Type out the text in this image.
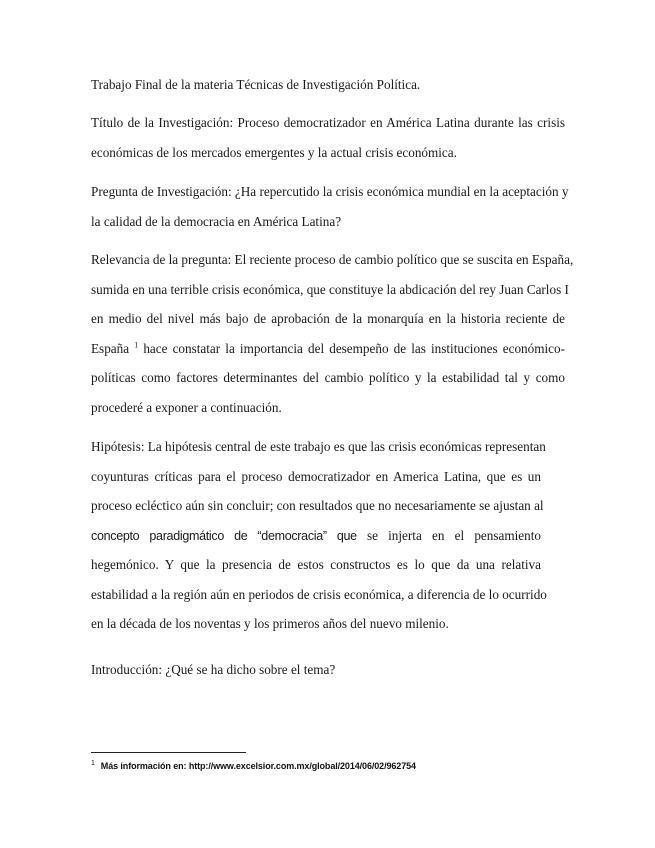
Trabajo Final de la materia Técnicas de Investigación Política.
Título de la Investigación: Proceso democratizador en América Latina durante las crisis
económicas de los mercados emergentes y la actual crisis económica.
Pregunta de Investigación: ¿Ha repercutido la crisis económica mundial en la aceptación y
la calidad de la democracia en América Latina?
Relevancia de la pregunta: El reciente proceso de cambio político que se suscita en España,
sumida en una terrible crisis económica, que constituye la abdicación del rey Juan Carlos I
en medio del nivel más bajo de aprobación de la monarquía en la historia reciente de
España $^1$ hace constatar la importancia del desempeño de las instituciones económico-
políticas como factores determinantes del cambio político y la estabilidad tal y como
procederé a exponer a continuación.
Hipótesis: La hipótesis central de este trabajo es que las crisis económicas representan
coyunturas críticas para el proceso democratizador en America Latina, que es un
proceso ecléctico aún sin concluir; con resultados que no necesariamente se ajustan al
concepto paradigmático de “democracia” que se injerta en el pensamiento
hegemónico. Y que la presencia de estos constructos es lo que da una relativa
estabilidad a la región aún en periodos de crisis económica, a diferencia de lo ocurrido
en la década de los noventas y los primeros años del nuevo milenio.
Introducción: ¿Qué se ha dicho sobre el tema?
$^1$ Más información en: http://www.excelsior.com.mx/global/2014/06/02/962754
